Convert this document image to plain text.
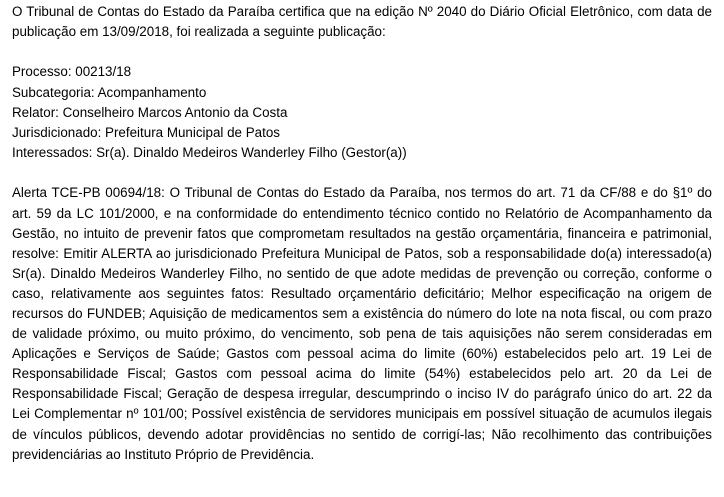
O Tribunal de Contas do Estado da Paraíba certifica que na edição Nº 2040 do Diário Oficial Eletrônico, com data de publicação em 13/09/2018, foi realizada a seguinte publicação:

Processo: 00213/18

Subcategoria: Acompanhamento

Relator: Conselheiro Marcos Antonio da Costa

Jurisdicionado: Prefeitura Municipal de Patos

Interessados: Sr(a). Dinaldo Medeiros Wanderley Filho (Gestor(a))

Alerta TCE-PB 00694/18: O Tribunal de Contas do Estado da Paraíba, nos termos do art. 71 da CF/88 e do §1º do art. 59 da LC 101/2000, e na conformidade do entendimento técnico contido no Relatório de Acompanhamento da Gestão, no intuito de prevenir fatos que comprometam resultados na gestão orçamentária, financeira e patrimonial, resolve: Emitir ALERTA ao jurisdicionado Prefeitura Municipal de Patos, sob a responsabilidade do(a) interessado(a) Sr(a). Dinaldo Medeiros Wanderley Filho, no sentido de que adote medidas de prevenção ou correção, conforme o caso, relativamente aos seguintes fatos: Resultado orçamentário deficitário; Melhor especificação na origem de recursos do FUNDEB; Aquisição de medicamentos sem a existência do número do lote na nota fiscal, ou com prazo de validade próximo, ou muito próximo, do vencimento, sob pena de tais aquisições não serem consideradas em Aplicações e Serviços de Saúde; Gastos com pessoal acima do limite (60%) estabelecidos pelo art. 19 Lei de Responsabilidade Fiscal; Gastos com pessoal acima do limite (54%) estabelecidos pelo art. 20 da Lei de Responsabilidade Fiscal; Geração de despesa irregular, descumprindo o inciso IV do parágrafo único do art. 22 da Lei Complementar nº 101/00; Possível existência de servidores municipais em possível situação de acumulos ilegais de vínculos públicos, devendo adotar providências no sentido de corrigí-las; Não recolhimento das contribuições previdenciárias ao Instituto Próprio de Previdência.
